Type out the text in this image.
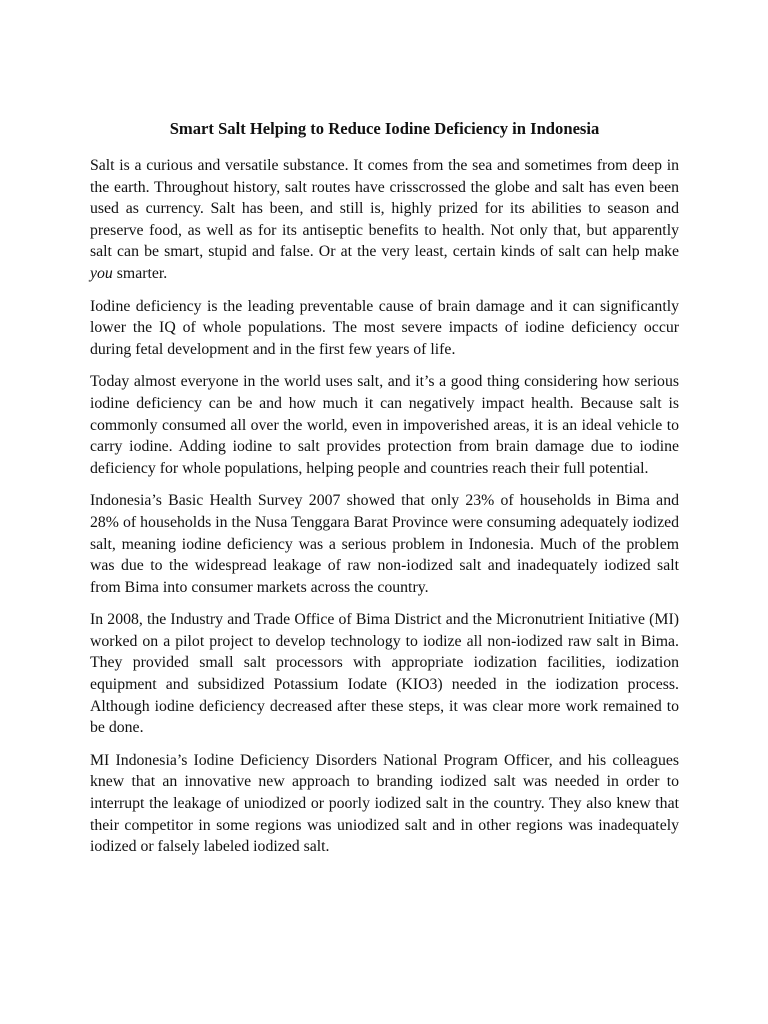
Smart Salt Helping to Reduce Iodine Deficiency in Indonesia

Salt is a curious and versatile substance. It comes from the sea and sometimes from deep in the earth. Throughout history, salt routes have crisscrossed the globe and salt has even been used as currency. Salt has been, and still is, highly prized for its abilities to season and preserve food, as well as for its antiseptic benefits to health. Not only that, but apparently salt can be smart, stupid and false. Or at the very least, certain kinds of salt can help make you smarter.

Iodine deficiency is the leading preventable cause of brain damage and it can significantly lower the IQ of whole populations. The most severe impacts of iodine deficiency occur during fetal development and in the first few years of life.

Today almost everyone in the world uses salt, and it’s a good thing considering how serious iodine deficiency can be and how much it can negatively impact health. Because salt is commonly consumed all over the world, even in impoverished areas, it is an ideal vehicle to carry iodine. Adding iodine to salt provides protection from brain damage due to iodine deficiency for whole populations, helping people and countries reach their full potential.

Indonesia’s Basic Health Survey 2007 showed that only 23% of households in Bima and 28% of households in the Nusa Tenggara Barat Province were consuming adequately iodized salt, meaning iodine deficiency was a serious problem in Indonesia. Much of the problem was due to the widespread leakage of raw non-iodized salt and inadequately iodized salt from Bima into consumer markets across the country.

In 2008, the Industry and Trade Office of Bima District and the Micronutrient Initiative (MI) worked on a pilot project to develop technology to iodize all non-iodized raw salt in Bima. They provided small salt processors with appropriate iodization facilities, iodization equipment and subsidized Potassium Iodate (KIO3) needed in the iodization process. Although iodine deficiency decreased after these steps, it was clear more work remained to be done.

MI Indonesia’s Iodine Deficiency Disorders National Program Officer, and his colleagues knew that an innovative new approach to branding iodized salt was needed in order to interrupt the leakage of uniodized or poorly iodized salt in the country. They also knew that their competitor in some regions was uniodized salt and in other regions was inadequately iodized or falsely labeled iodized salt.
